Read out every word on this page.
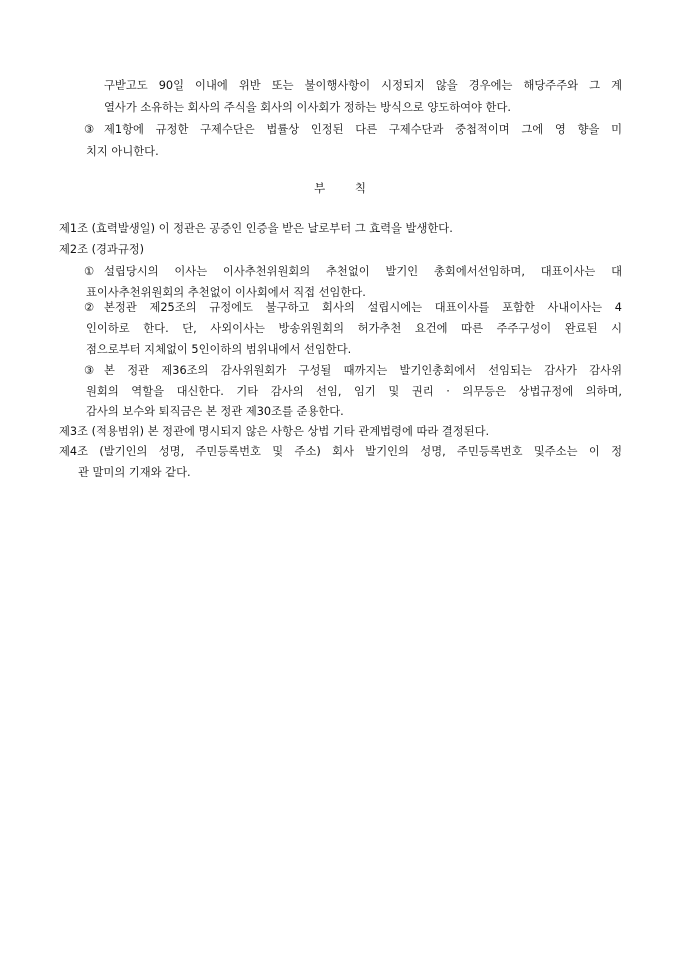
구받고도 90일 이내에 위반 또는 불이행사항이 시정되지 않을 경우에는 해당주주와 그 계
열사가 소유하는 회사의 주식을 회사의 이사회가 정하는 방식으로 양도하여야 한다.
③ 제1항에 규정한 구제수단은 법률상 인정된 다른 구제수단과 중첩적이며 그에 영 향을 미
치지 아니한다.
부 칙
제1조 (효력발생일) 이 정관은 공증인 인증을 받은 날로부터 그 효력을 발생한다.
제2조 (경과규정)
① 설립당시의 이사는 이사추천위원회의 추천없이 발기인 총회에서선임하며, 대표이사는 대
표이사추천위원회의 추천없이 이사회에서 직접 선임한다.
② 본정관 제25조의 규정에도 불구하고 회사의 설립시에는 대표이사를 포함한 사내이사는 4
인이하로 한다. 단, 사외이사는 방송위원회의 허가추천 요건에 따른 주주구성이 완료된 시
점으로부터 지체없이 5인이하의 범위내에서 선임한다.
③ 본 정관 제36조의 감사위원회가 구성될 때까지는 발기인총회에서 선임되는 감사가 감사위
원회의 역할을 대신한다. 기타 감사의 선임, 임기 및 권리 · 의무등은 상법규정에 의하며,
감사의 보수와 퇴직금은 본 정관 제30조를 준용한다.
제3조 (적용범위) 본 정관에 명시되지 않은 사항은 상법 기타 관계법령에 따라 결정된다.
제4조 (발기인의 성명, 주민등록번호 및 주소) 회사 발기인의 성명, 주민등록번호 및주소는 이 정
관 말미의 기재와 같다.
